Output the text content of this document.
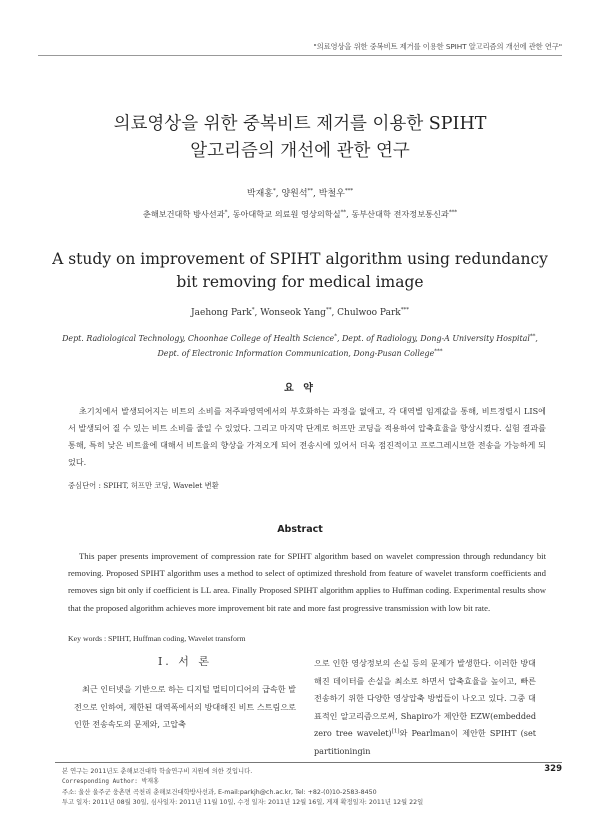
"의료영상을 위한 중복비트 제거를 이용한 SPIHT 알고리즘의 개선에 관한 연구"
의료영상을 위한 중복비트 제거를 이용한 SPIHT
알고리즘의 개선에 관한 연구
박재홍*, 양원석**, 박철우***
춘해보건대학 방사선과*, 동아대학교 의료원 영상의학실**, 동부산대학 전자정보통신과***
A study on improvement of SPIHT algorithm using redundancy
bit removing for medical image
Jaehong Park*, Wonseok Yang**, Chulwoo Park***
Dept. Radiological Technology, Choonhae College of Health Science*, Dept. of Radiology, Dong-A University Hospital**,
Dept. of Electronic Information Communication, Dong-Pusan College***
요 약
초기치에서 발생되어지는 비트의 소비를 저주파영역에서의 부호화하는 과정을 없애고, 각 대역별 임계값을 통해, 비트정렬시 LIS에서 발생되어 질 수 있는 비트 소비를 줄일 수 있었다. 그리고 마지막 단계로 허프만 코딩을 적용하여 압축효율을 향상시켰다. 실험 결과를 통해, 특히 낮은 비트율에 대해서 비트율의 향상을 가져오게 되어 전송시에 있어서 더욱 점진적이고 프로그레시브한 전송을 가능하게 되었다.
중심단어 : SPIHT, 허프만 코딩, Wavelet 변환
Abstract
This paper presents improvement of compression rate for SPIHT algorithm based on wavelet compression through redundancy bit removing. Proposed SPIHT algorithm uses a method to select of optimized threshold from feature of wavelet transform coefficients and removes sign bit only if coefficient is LL area. Finally Proposed SPIHT algorithm applies to Huffman coding. Experimental results show that the proposed algorithm achieves more improvement bit rate and more fast progressive transmission with low bit rate.
Key words : SPIHT, Huffman coding, Wavelet transform
Ⅰ. 서 론

최근 인터넷을 기반으로 하는 디지털 멀티미디어의 급속한 발전으로 인하여, 제한된 대역폭에서의 방대해진 비트 스트림으로 인한 전송속도의 문제와, 고압축

으로 인한 영상정보의 손실 등의 문제가 발생한다. 이러한 방대해진 데이터를 손실을 최소로 하면서 압축효율을 높이고, 빠른 전송하기 위한 다양한 영상압축 방법들이 나오고 있다. 그중 대표적인 알고리즘으로써, Shapiro가 제안한 EZW(embedded zero tree wavelet)[1]와 Pearlman이 제안한 SPIHT (set partitioningin

329
본 연구는 2011년도 춘해보건대학 학술연구비 지원에 의한 것입니다.
Corresponding Author: 박재홍
주소: 울산 울주군 웅촌면 곡천리 춘해보건대학방사선과, E-mail:parkjh@ch.ac.kr, Tel: +82-(0)10-2583-8450
투고 일자: 2011년 08월 30일, 심사일자: 2011년 11월 10일, 수정 일자: 2011년 12월 16일, 게재 확정일자: 2011년 12월 22일
